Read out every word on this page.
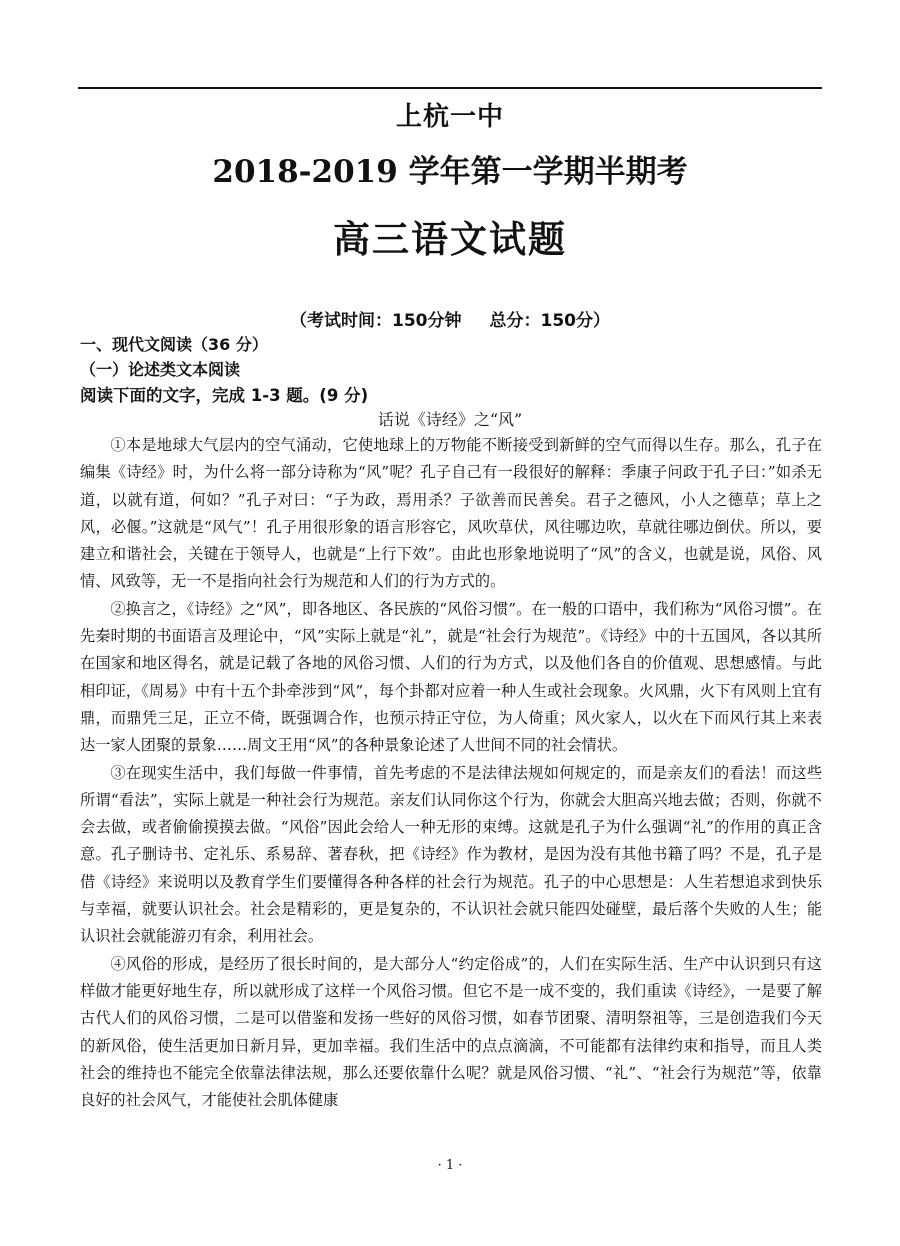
上杭一中
2018-2019 学年第一学期半期考
高三语文试题
（考试时间：150分钟 总分：150分）
一、现代文阅读（36 分）
（一）论述类文本阅读
阅读下面的文字，完成 1-3 题。(9 分)
话说《诗经》之“风”

①本是地球大气层内的空气涌动，它使地球上的万物能不断接受到新鲜的空气而得以生存。那么，孔子在编集《诗经》时，为什么将一部分诗称为“风”呢？孔子自己有一段很好的解释：季康子问政于孔子曰：”如杀无道，以就有道，何如？”孔子对曰：“子为政，焉用杀？子欲善而民善矣。君子之德风，小人之德草；草上之风，必偃。”这就是“风气”！孔子用很形象的语言形容它，风吹草伏，风往哪边吹，草就往哪边倒伏。所以，要建立和谐社会，关键在于领导人，也就是“上行下效”。由此也形象地说明了“风”的含义，也就是说，风俗、风情、风致等，无一不是指向社会行为规范和人们的行为方式的。

②换言之，《诗经》之“风”，即各地区、各民族的“风俗习惯”。在一般的口语中，我们称为“风俗习惯”。在先秦时期的书面语言及理论中，“风”实际上就是“礼”，就是“社会行为规范”。《诗经》中的十五国风，各以其所在国家和地区得名，就是记载了各地的风俗习惯、人们的行为方式，以及他们各自的价值观、思想感情。与此相印证，《周易》中有十五个卦牵涉到“风”，每个卦都对应着一种人生或社会现象。火风鼎，火下有风则上宜有鼎，而鼎凭三足，正立不倚，既强调合作，也预示持正守位，为人倚重；风火家人，以火在下而风行其上来表达一家人团聚的景象……周文王用“风”的各种景象论述了人世间不同的社会情状。

③在现实生活中，我们每做一件事情，首先考虑的不是法律法规如何规定的，而是亲友们的看法！而这些所谓“看法”，实际上就是一种社会行为规范。亲友们认同你这个行为，你就会大胆高兴地去做；否则，你就不会去做，或者偷偷摸摸去做。“风俗”因此会给人一种无形的束缚。这就是孔子为什么强调“礼”的作用的真正含意。孔子删诗书、定礼乐、系易辞、著春秋，把《诗经》作为教材，是因为没有其他书籍了吗？不是，孔子是借《诗经》来说明以及教育学生们要懂得各种各样的社会行为规范。孔子的中心思想是：人生若想追求到快乐与幸福，就要认识社会。社会是精彩的，更是复杂的，不认识社会就只能四处碰壁，最后落个失败的人生；能认识社会就能游刃有余，利用社会。

④风俗的形成，是经历了很长时间的，是大部分人“约定俗成”的，人们在实际生活、生产中认识到只有这样做才能更好地生存，所以就形成了这样一个风俗习惯。但它不是一成不变的，我们重读《诗经》，一是要了解古代人们的风俗习惯，二是可以借鉴和发扬一些好的风俗习惯，如春节团聚、清明祭祖等，三是创造我们今天的新风俗，使生活更加日新月异，更加幸福。我们生活中的点点滴滴，不可能都有法律约束和指导，而且人类社会的维持也不能完全依靠法律法规，那么还要依靠什么呢？就是风俗习惯、“礼”、“社会行为规范”等，依靠良好的社会风气，才能使社会肌体健康

· 1 ·
